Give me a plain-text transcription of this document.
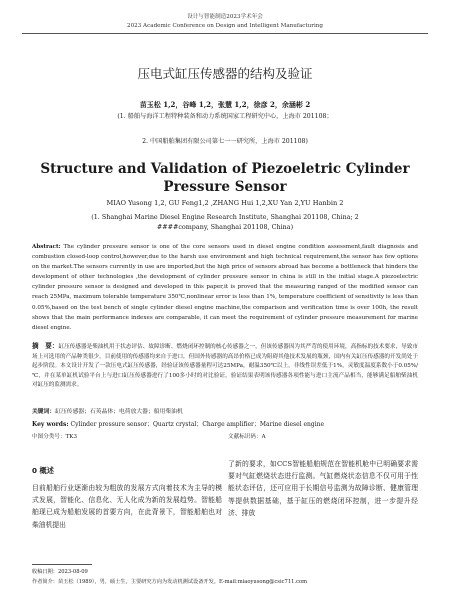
设计与智能制造2023学术年会
2023 Academic Conference on Design and Intelligent Manufacturing
压电式缸压传感器的结构及验证
苗玉松 1,2，谷峰 1,2，张慧 1,2，徐彦 2，余涵彬 2
(1. 船舶与海洋工程特种装备和动力系统国家工程研究中心，上海市 201108；
2. 中国船舶集团有限公司第七一一研究所，上海市 201108)
Structure and Validation of Piezoeletric Cylinder
Pressure Sensor
MIAO Yusong 1,2, GU Feng1,2 ,ZHANG Hui 1,2,XU Yan 2,YU Hanbin 2
(1. Shanghai Marine Diesel Engine Research Institute, Shanghai 201108, China; 2 ####company, Shanghai 201108, China)
Abstract: The cylinder pressure sensor is one of the core sensors used in diesel engine condition assessment,fault diagnosis and combustion closed-loop control,however,due to the harsh use environment and high technical requirement,the sensor has few options on the market.The sensors currently in use are imported,but the high price of sensors abroad has become a bottleneck that hinders the development of other technologies ,the development of cylinder pressure sensor in china is still in the initial stage.A piezoelectric cylinder pressure sensor is designed and developed in this paper,it is proved that the measuring ranged of the modified sensor can reach 25MPa, maximum tolerable temperature 350℃,nonlinear error is less than 1%, temperature coefficient of sensitivity is less than 0.05%,based on the test bench of single cylinder diesel engine machine,the comparison and verification time is over 100h, the result shows that the main performance indexes are comparable, it can meet the requirement of cylinder pressure measurement for marine diesel engine.
摘　要：缸压传感器是柴油机用于状态评估、故障诊断、燃烧闭环控制的核心传感器之一，但该传感器因为其严苛的使用环境，高指标的技术要求，导致市场上可选用的产品种类很少。目前使用的传感器均来自于进口，但国外传感器的高昂价格已成为阻碍其他技术发展的瓶颈，国内有关缸压传感器的开发尚处于起步阶段。本文设计开发了一款压电式缸压传感器，经验证该传感器量程可达25MPa，耐温350℃以上，非线性误差低于1%，灵敏度温度系数小于0.05%/℃，并在某单缸机试验平台上与进口缸压传感器进行了100多小时的对比验证，验证结果表明该传感器各项性能与进口主流产品相当，能够满足船舶柴油机对缸压的监测需求。
关键词：缸压传感器；石英晶体；电荷放大器；船用柴油机
Key words: Cylinder pressure sensor；Quartz crystal；Charge amplifier；Marine diesel engine
中图分类号：TK3	文献标识码：A
0 概述
目前船舶行业逐渐由较为粗放的发展方式向着技术为主导的模式发展，智能化、信息化、无人化成为新的发展趋势。智能船舶现已成为船舶发展的首要方向，在此背景下，智能船舶也对柴油机提出
了新的要求，如CCS智能船舶规范在智能机舱中已明确要求需要对气缸燃烧状态进行监测。气缸燃烧状态信息不仅可用于性能状态评估，还可应用于长期信号监测为故障诊断、健康管理等提供数据基础，基于缸压的燃烧闭环控制，进一步提升经济、排放
收稿日期：2023-08-09
作者简介：苗玉松（1989），男，硕士生，主要研究方向为发动机测试设备开发。E-mail:miaoyusong@csic711.com
